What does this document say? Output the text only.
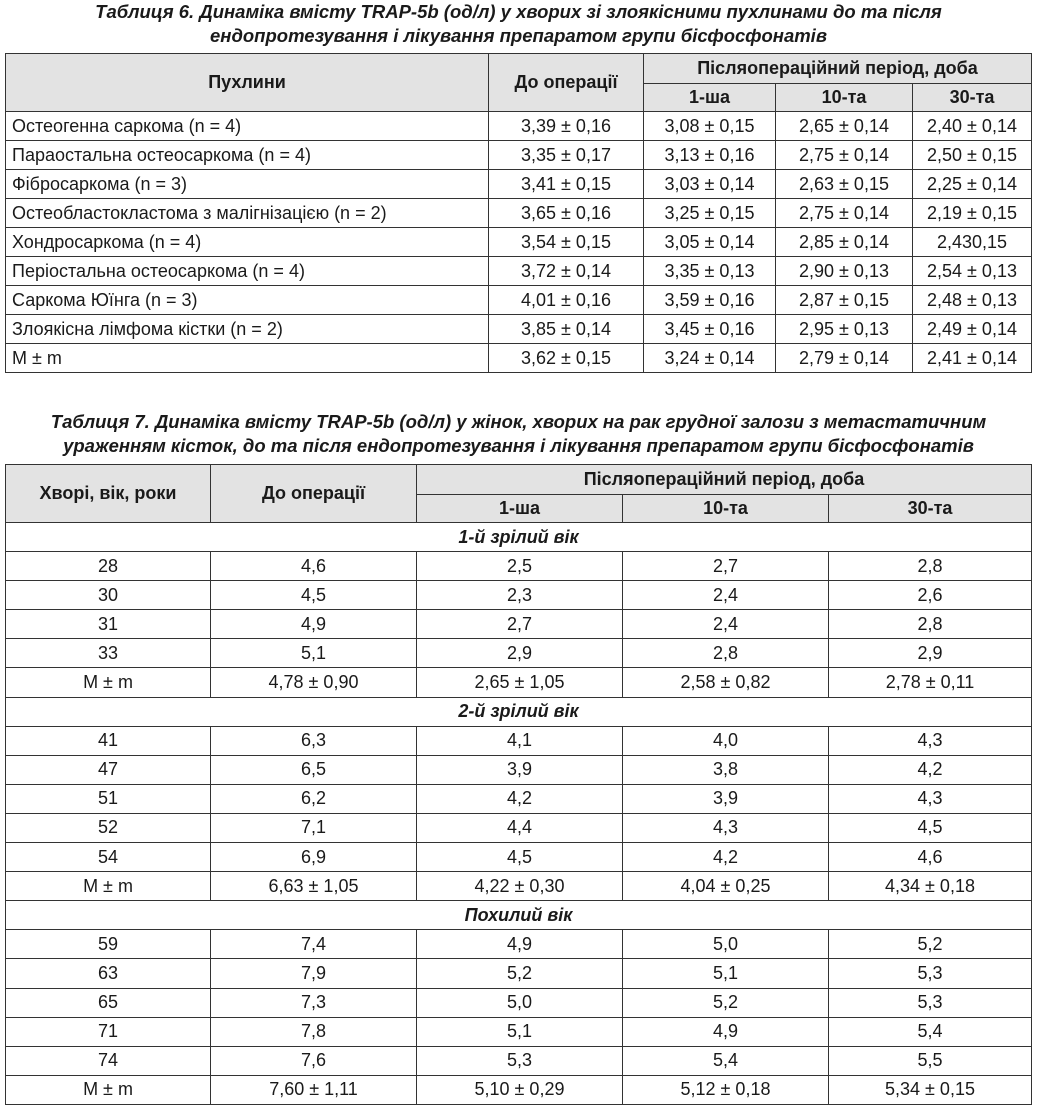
Таблиця 6. Динаміка вмісту TRAP-5b (од/л) у хворих зі злоякісними пухлинами до та після
ендопротезування і лікування препаратом групи бісфосфонатів
Пухлини	До операції	Післяопераційний період, доба		
		1-ша	10-та	30-та
Остеогенна саркома (n = 4)	3,39 ± 0,16	3,08 ± 0,15	2,65 ± 0,14	2,40 ± 0,14
Параостальна остеосаркома (n = 4)	3,35 ± 0,17	3,13 ± 0,16	2,75 ± 0,14	2,50 ± 0,15
Фібросаркома (n = 3)	3,41 ± 0,15	3,03 ± 0,14	2,63 ± 0,15	2,25 ± 0,14
Остеобластокластома з малігнізацією (n = 2)	3,65 ± 0,16	3,25 ± 0,15	2,75 ± 0,14	2,19 ± 0,15
Хондросаркома (n = 4)	3,54 ± 0,15	3,05 ± 0,14	2,85 ± 0,14	2,430,15
Періостальна остеосаркома (n = 4)	3,72 ± 0,14	3,35 ± 0,13	2,90 ± 0,13	2,54 ± 0,13
Саркома Юїнга (n = 3)	4,01 ± 0,16	3,59 ± 0,16	2,87 ± 0,15	2,48 ± 0,13
Злоякісна лімфома кістки (n = 2)	3,85 ± 0,14	3,45 ± 0,16	2,95 ± 0,13	2,49 ± 0,14
M ± m	3,62 ± 0,15	3,24 ± 0,14	2,79 ± 0,14	2,41 ± 0,14
Таблиця 7. Динаміка вмісту TRAP-5b (од/л) у жінок, хворих на рак грудної залози з метастатичним
ураженням кісток, до та після ендопротезування і лікування препаратом групи бісфосфонатів
Хворі, вік, роки	До операції	Післяопераційний період, доба		
		1-ша	10-та	30-та
1-й зрілий вік				
28	4,6	2,5	2,7	2,8
30	4,5	2,3	2,4	2,6
31	4,9	2,7	2,4	2,8
33	5,1	2,9	2,8	2,9
M ± m	4,78 ± 0,90	2,65 ± 1,05	2,58 ± 0,82	2,78 ± 0,11
2-й зрілий вік				
41	6,3	4,1	4,0	4,3
47	6,5	3,9	3,8	4,2
51	6,2	4,2	3,9	4,3
52	7,1	4,4	4,3	4,5
54	6,9	4,5	4,2	4,6
M ± m	6,63 ± 1,05	4,22 ± 0,30	4,04 ± 0,25	4,34 ± 0,18
Похилий вік				
59	7,4	4,9	5,0	5,2
63	7,9	5,2	5,1	5,3
65	7,3	5,0	5,2	5,3
71	7,8	5,1	4,9	5,4
74	7,6	5,3	5,4	5,5
M ± m	7,60 ± 1,11	5,10 ± 0,29	5,12 ± 0,18	5,34 ± 0,15
